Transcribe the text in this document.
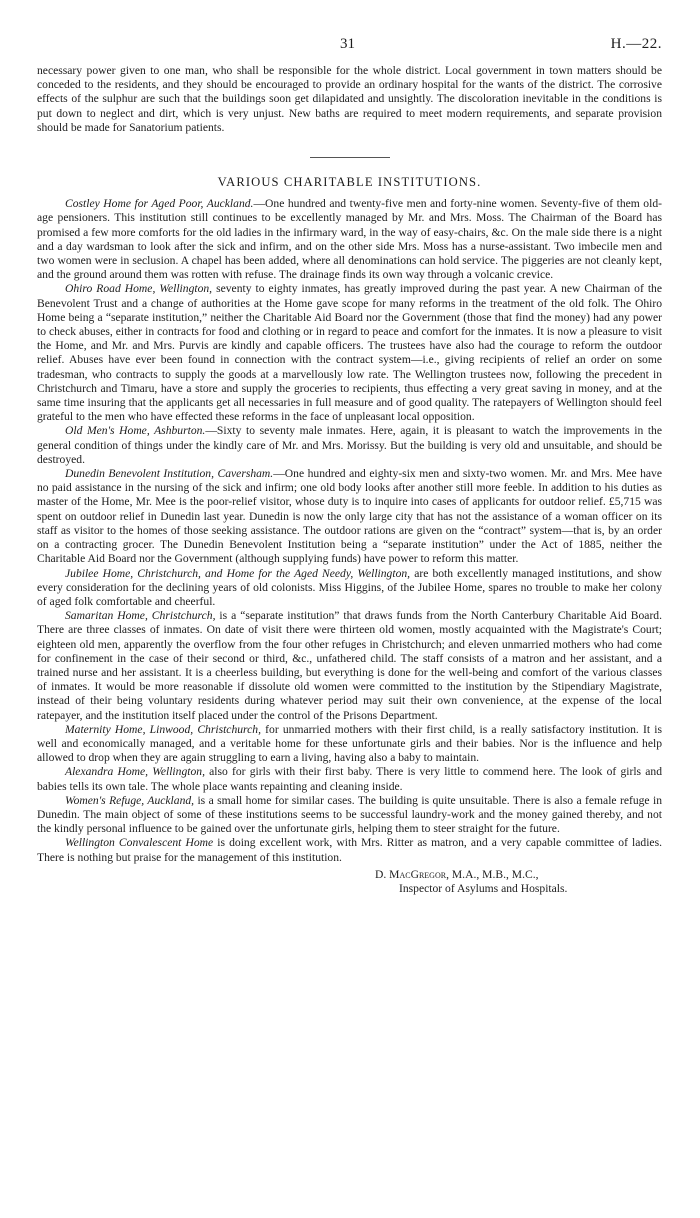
31	H.—22.

necessary power given to one man, who shall be responsible for the whole district. Local government in town matters should be conceded to the residents, and they should be encouraged to provide an ordinary hospital for the wants of the district. The corrosive effects of the sulphur are such that the buildings soon get dilapidated and unsightly. The discoloration inevitable in the conditions is put down to neglect and dirt, which is very unjust. New baths are required to meet modern requirements, and separate provision should be made for Sanatorium patients.

VARIOUS CHARITABLE INSTITUTIONS.

Costley Home for Aged Poor, Auckland.—One hundred and twenty-five men and forty-nine women. Seventy-five of them old-age pensioners. This institution still continues to be excellently managed by Mr. and Mrs. Moss. The Chairman of the Board has promised a few more comforts for the old ladies in the infirmary ward, in the way of easy-chairs, &c. On the male side there is a night and a day wardsman to look after the sick and infirm, and on the other side Mrs. Moss has a nurse-assistant. Two imbecile men and two women were in seclusion. A chapel has been added, where all denominations can hold service. The piggeries are not cleanly kept, and the ground around them was rotten with refuse. The drainage finds its own way through a volcanic crevice.

Ohiro Road Home, Wellington, seventy to eighty inmates, has greatly improved during the past year. A new Chairman of the Benevolent Trust and a change of authorities at the Home gave scope for many reforms in the treatment of the old folk. The Ohiro Home being a “separate institution,” neither the Charitable Aid Board nor the Government (those that find the money) had any power to check abuses, either in contracts for food and clothing or in regard to peace and comfort for the inmates. It is now a pleasure to visit the Home, and Mr. and Mrs. Purvis are kindly and capable officers. The trustees have also had the courage to reform the outdoor relief. Abuses have ever been found in connection with the contract system—i.e., giving recipients of relief an order on some tradesman, who contracts to supply the goods at a marvellously low rate. The Wellington trustees now, following the precedent in Christchurch and Timaru, have a store and supply the groceries to recipients, thus effecting a very great saving in money, and at the same time insuring that the applicants get all necessaries in full measure and of good quality. The ratepayers of Wellington should feel grateful to the men who have effected these reforms in the face of unpleasant local opposition.

Old Men's Home, Ashburton.—Sixty to seventy male inmates. Here, again, it is pleasant to watch the improvements in the general condition of things under the kindly care of Mr. and Mrs. Morissy. But the building is very old and unsuitable, and should be destroyed.

Dunedin Benevolent Institution, Caversham.—One hundred and eighty-six men and sixty-two women. Mr. and Mrs. Mee have no paid assistance in the nursing of the sick and infirm; one old body looks after another still more feeble. In addition to his duties as master of the Home, Mr. Mee is the poor-relief visitor, whose duty is to inquire into cases of applicants for outdoor relief. £5,715 was spent on outdoor relief in Dunedin last year. Dunedin is now the only large city that has not the assistance of a woman officer on its staff as visitor to the homes of those seeking assistance. The outdoor rations are given on the “contract” system—that is, by an order on a contracting grocer. The Dunedin Benevolent Institution being a “separate institution” under the Act of 1885, neither the Charitable Aid Board nor the Government (although supplying funds) have power to reform this matter.

Jubilee Home, Christchurch, and Home for the Aged Needy, Wellington, are both excellently managed institutions, and show every consideration for the declining years of old colonists. Miss Higgins, of the Jubilee Home, spares no trouble to make her colony of aged folk comfortable and cheerful.

Samaritan Home, Christchurch, is a “separate institution” that draws funds from the North Canterbury Charitable Aid Board. There are three classes of inmates. On date of visit there were thirteen old women, mostly acquainted with the Magistrate's Court; eighteen old men, apparently the overflow from the four other refuges in Christchurch; and eleven unmarried mothers who had come for confinement in the case of their second or third, &c., unfathered child. The staff consists of a matron and her assistant, and a trained nurse and her assistant. It is a cheerless building, but everything is done for the well-being and comfort of the various classes of inmates. It would be more reasonable if dissolute old women were committed to the institution by the Stipendiary Magistrate, instead of their being voluntary residents during whatever period may suit their own convenience, at the expense of the local ratepayer, and the institution itself placed under the control of the Prisons Department.

Maternity Home, Linwood, Christchurch, for unmarried mothers with their first child, is a really satisfactory institution. It is well and economically managed, and a veritable home for these unfortunate girls and their babies. Nor is the influence and help allowed to drop when they are again struggling to earn a living, having also a baby to maintain.

Alexandra Home, Wellington, also for girls with their first baby. There is very little to commend here. The look of girls and babies tells its own tale. The whole place wants repainting and cleaning inside.

Women's Refuge, Auckland, is a small home for similar cases. The building is quite unsuitable. There is also a female refuge in Dunedin. The main object of some of these institutions seems to be successful laundry-work and the money gained thereby, and not the kindly personal influence to be gained over the unfortunate girls, helping them to steer straight for the future.

Wellington Convalescent Home is doing excellent work, with Mrs. Ritter as matron, and a very capable committee of ladies. There is nothing but praise for the management of this institution.

D. MacGregor, M.A., M.B., M.C.,
Inspector of Asylums and Hospitals.
